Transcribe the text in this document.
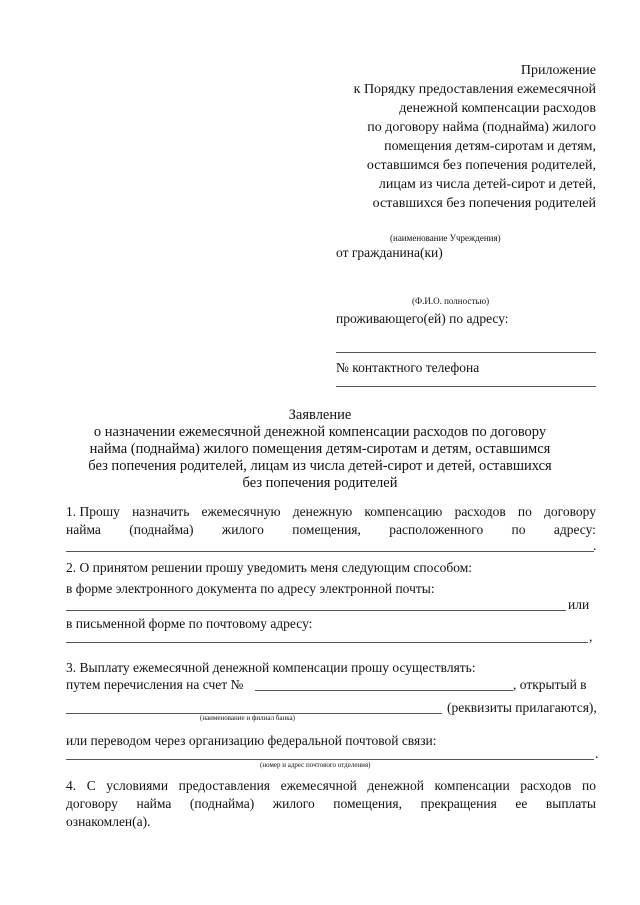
Приложение
к Порядку предоставления ежемесячной
денежной компенсации расходов
по договору найма (поднайма) жилого
помещения детям-сиротам и детям,
оставшимся без попечения родителей,
лицам из числа детей-сирот и детей,
оставшихся без попечения родителей
(наименование Учреждения)
от гражданина(ки)
(Ф.И.О. полностью)
проживающего(ей) по адресу:
№ контактного телефона
Заявление
о назначении ежемесячной денежной компенсации расходов по договору
найма (поднайма) жилого помещения детям-сиротам и детям, оставшимся
без попечения родителей, лицам из числа детей-сирот и детей, оставшихся
без попечения родителей
1. Прошу назначить ежемесячную денежную компенсацию расходов по договору
найма (поднайма) жилого помещения, расположенного по адресу:
.
2. О принятом решении прошу уведомить меня следующим способом:
в форме электронного документа по адресу электронной почты:
или
в письменной форме по почтовому адресу:
,
3. Выплату ежемесячной денежной компенсации прошу осуществлять:
путем перечисления на счет №	, открытый в
(реквизиты прилагаются),
(наименование и филиал банка)
или переводом через организацию федеральной почтовой связи:
.
(номер и адрес почтового отделения)
4. С условиями предоставления ежемесячной денежной компенсации расходов по
договору найма (поднайма) жилого помещения, прекращения ее выплаты
ознакомлен(а).
